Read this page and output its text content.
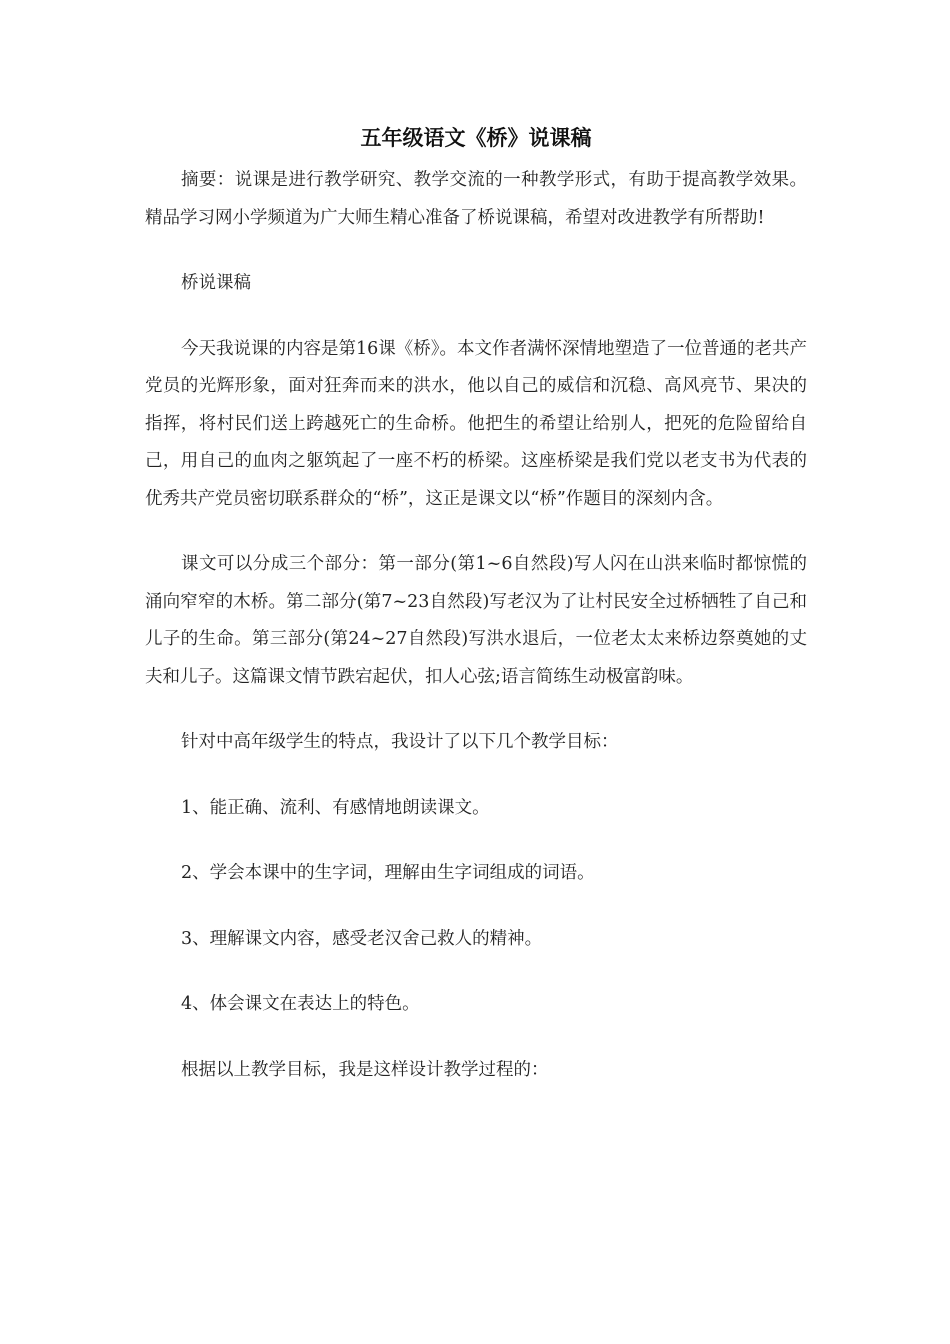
五年级语文《桥》说课稿

摘要：说课是进行教学研究、教学交流的一种教学形式，有助于提高教学效果。精品学习网小学频道为广大师生精心准备了桥说课稿，希望对改进教学有所帮助!

桥说课稿

今天我说课的内容是第16课《桥》。本文作者满怀深情地塑造了一位普通的老共产党员的光辉形象，面对狂奔而来的洪水，他以自己的威信和沉稳、高风亮节、果决的指挥，将村民们送上跨越死亡的生命桥。他把生的希望让给别人，把死的危险留给自己，用自己的血肉之躯筑起了一座不朽的桥梁。这座桥梁是我们党以老支书为代表的优秀共产党员密切联系群众的“桥”，这正是课文以“桥”作题目的深刻内含。

课文可以分成三个部分：第一部分(第1~6自然段)写人闪在山洪来临时都惊慌的涌向窄窄的木桥。第二部分(第7~23自然段)写老汉为了让村民安全过桥牺牲了自己和儿子的生命。第三部分(第24~27自然段)写洪水退后，一位老太太来桥边祭奠她的丈夫和儿子。这篇课文情节跌宕起伏，扣人心弦;语言简练生动极富韵味。

针对中高年级学生的特点，我设计了以下几个教学目标：

1、能正确、流利、有感情地朗读课文。

2、学会本课中的生字词，理解由生字词组成的词语。

3、理解课文内容，感受老汉舍己救人的精神。

4、体会课文在表达上的特色。

根据以上教学目标，我是这样设计教学过程的：
